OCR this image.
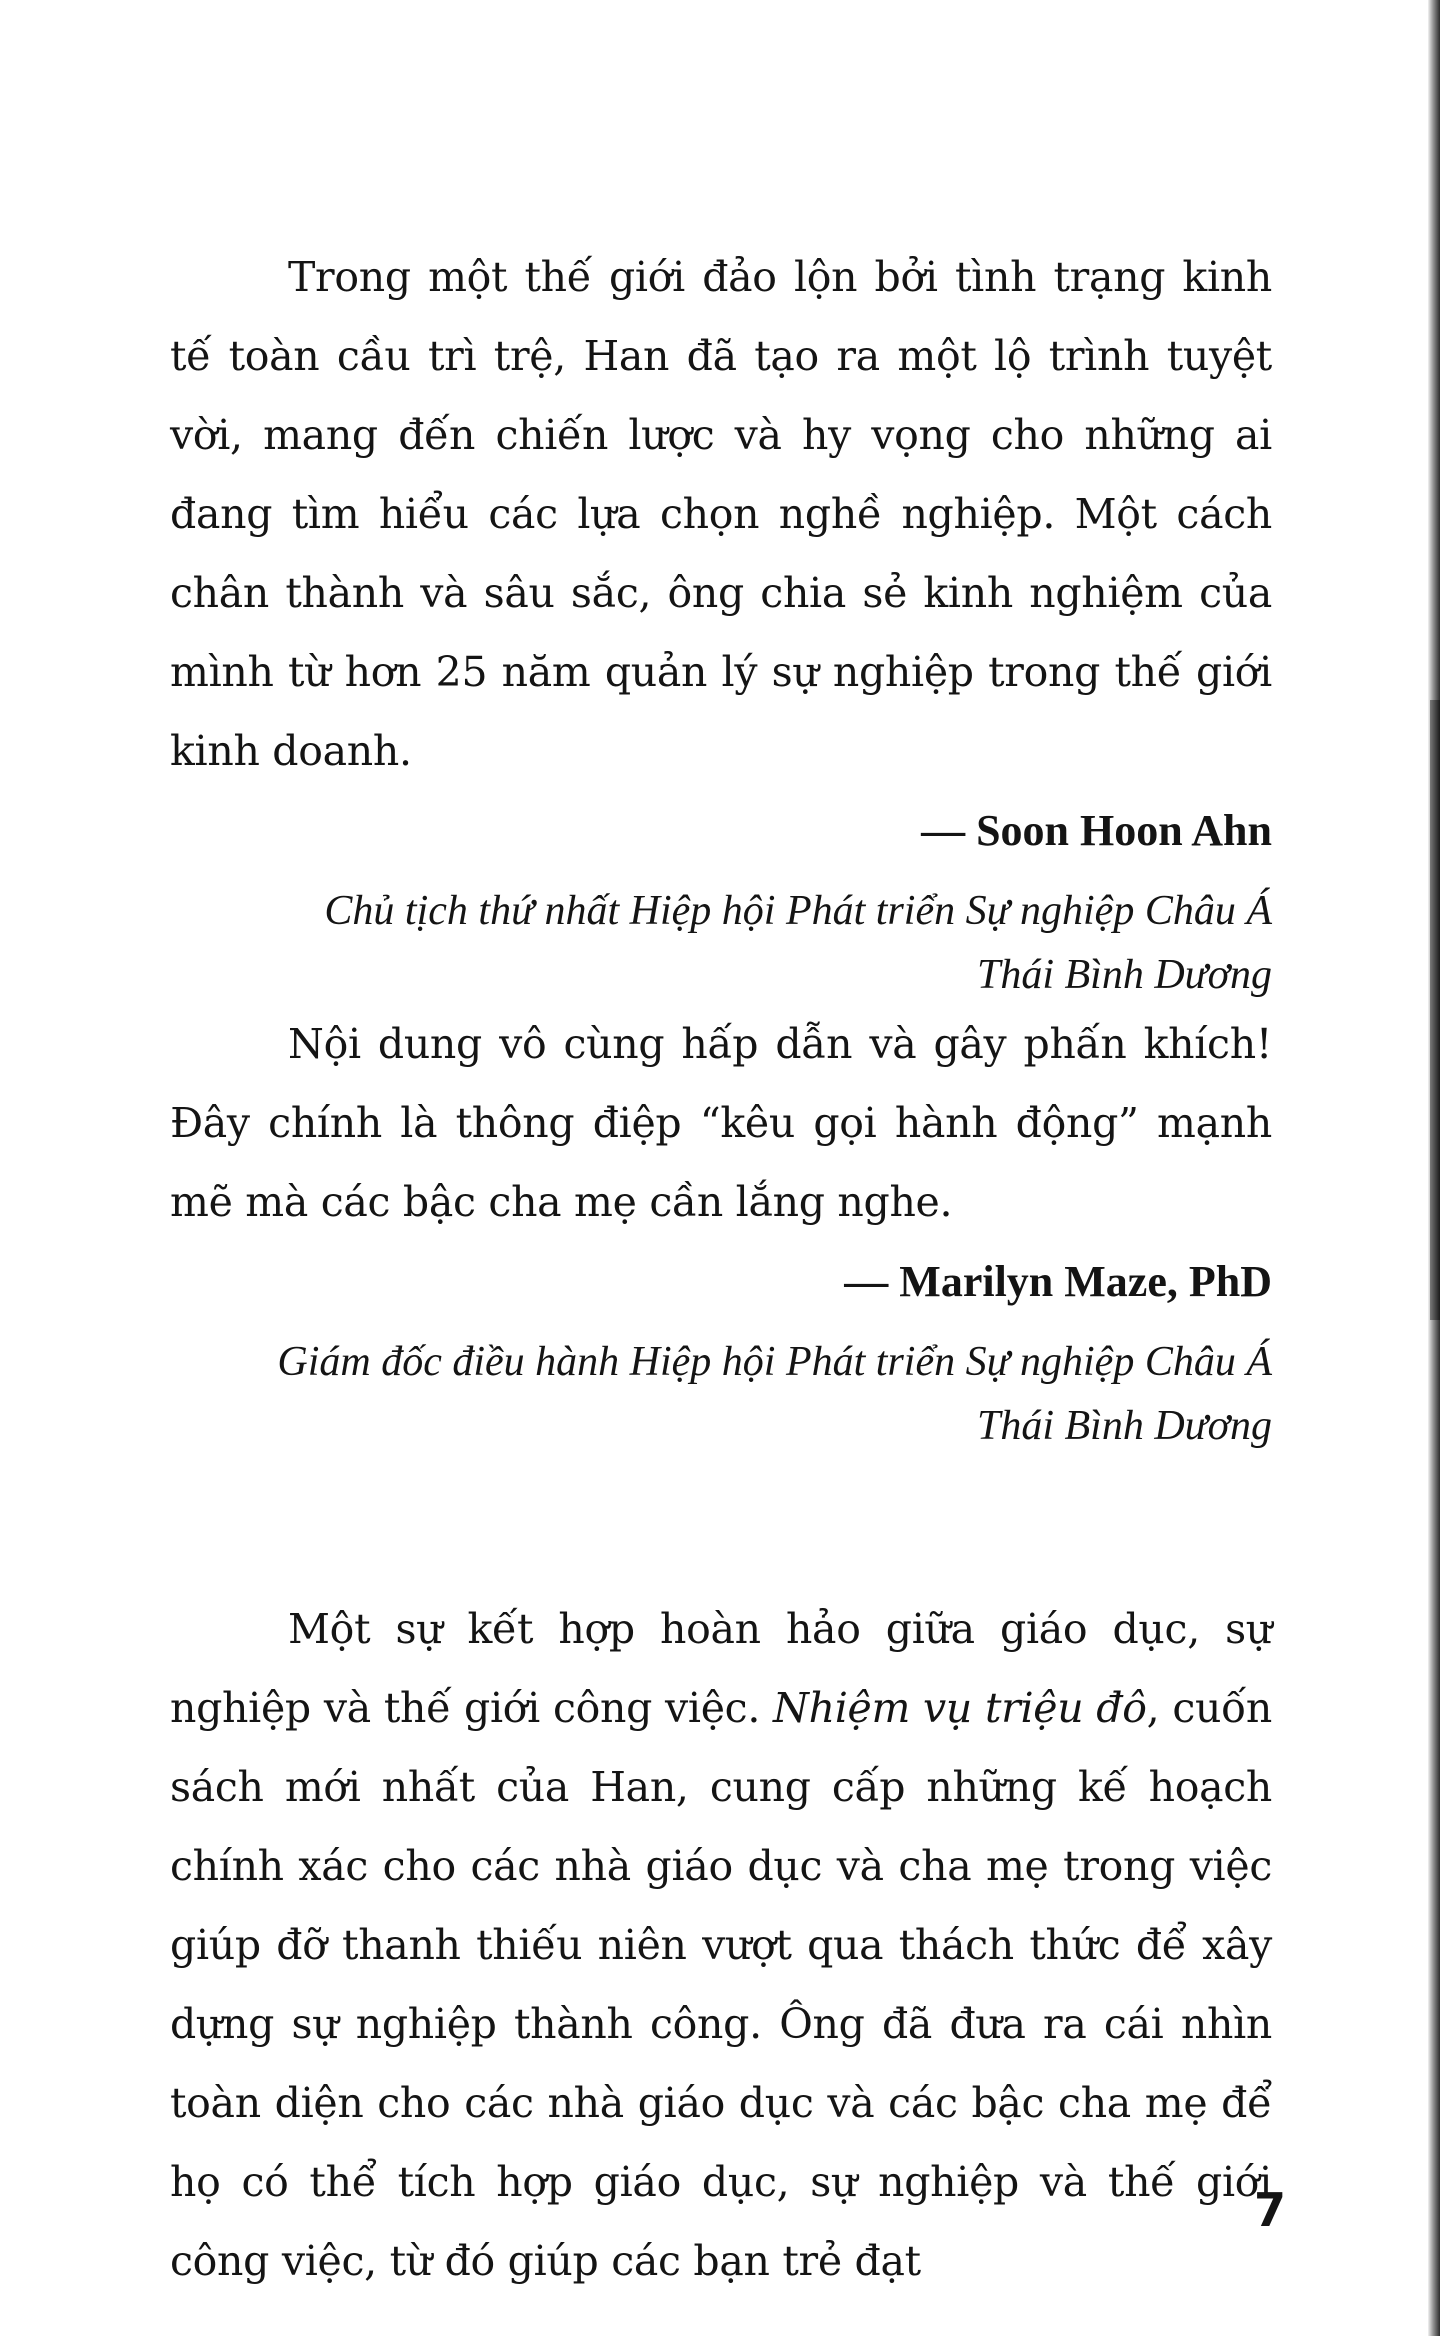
Trong một thế giới đảo lộn bởi tình trạng kinh tế toàn cầu trì trệ, Han đã tạo ra một lộ trình tuyệt vời, mang đến chiến lược và hy vọng cho những ai đang tìm hiểu các lựa chọn nghề nghiệp. Một cách chân thành và sâu sắc, ông chia sẻ kinh nghiệm của mình từ hơn 25 năm quản lý sự nghiệp trong thế giới kinh doanh.

— Soon Hoon Ahn

Chủ tịch thứ nhất Hiệp hội Phát triển Sự nghiệp Châu Á Thái Bình Dương

Nội dung vô cùng hấp dẫn và gây phấn khích! Đây chính là thông điệp “kêu gọi hành động” mạnh mẽ mà các bậc cha mẹ cần lắng nghe.

— Marilyn Maze, PhD

Giám đốc điều hành Hiệp hội Phát triển Sự nghiệp Châu Á Thái Bình Dương

Một sự kết hợp hoàn hảo giữa giáo dục, sự nghiệp và thế giới công việc. Nhiệm vụ triệu đô, cuốn sách mới nhất của Han, cung cấp những kế hoạch chính xác cho các nhà giáo dục và cha mẹ trong việc giúp đỡ thanh thiếu niên vượt qua thách thức để xây dựng sự nghiệp thành công. Ông đã đưa ra cái nhìn toàn diện cho các nhà giáo dục và các bậc cha mẹ để họ có thể tích hợp giáo dục, sự nghiệp và thế giới công việc, từ đó giúp các bạn trẻ đạt

7
